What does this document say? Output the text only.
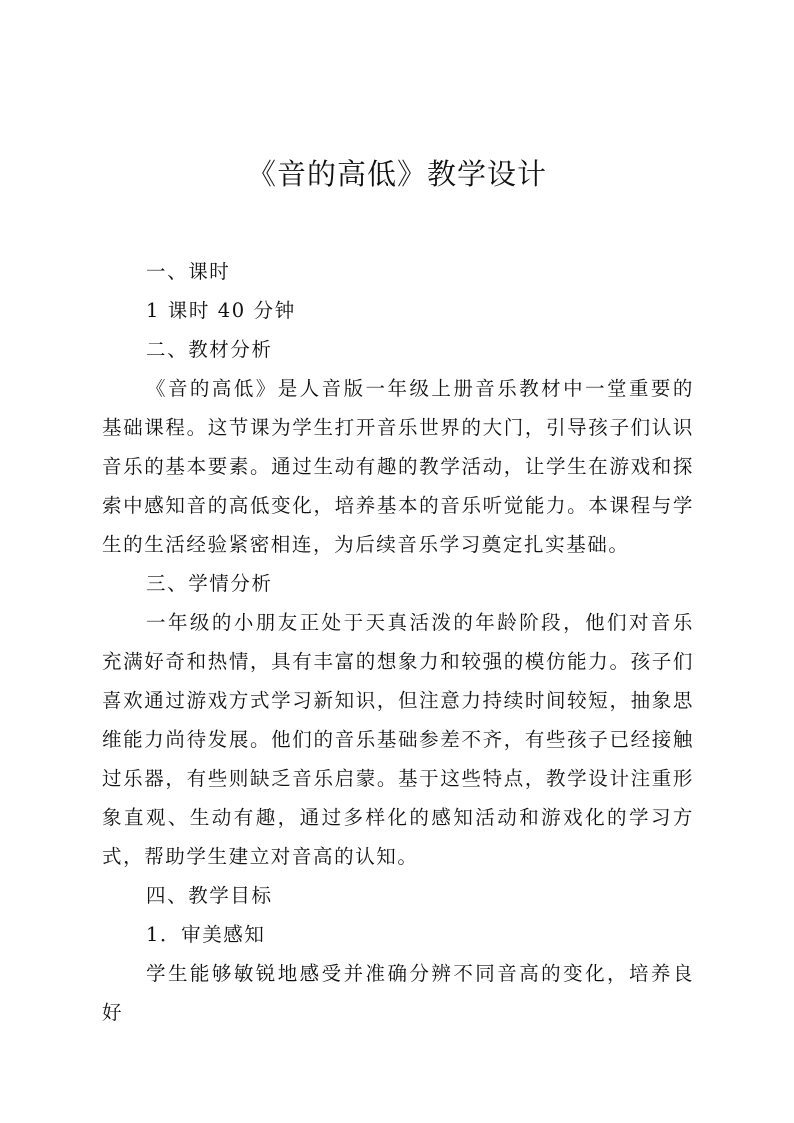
《音的高低》教学设计
一、课时

1 课时 40 分钟

二、教材分析

《音的高低》是人音版一年级上册音乐教材中一堂重要的基础课程。这节课为学生打开音乐世界的大门，引导孩子们认识音乐的基本要素。通过生动有趣的教学活动，让学生在游戏和探索中感知音的高低变化，培养基本的音乐听觉能力。本课程与学生的生活经验紧密相连，为后续音乐学习奠定扎实基础。

三、学情分析

一年级的小朋友正处于天真活泼的年龄阶段，他们对音乐充满好奇和热情，具有丰富的想象力和较强的模仿能力。孩子们喜欢通过游戏方式学习新知识，但注意力持续时间较短，抽象思维能力尚待发展。他们的音乐基础参差不齐，有些孩子已经接触过乐器，有些则缺乏音乐启蒙。基于这些特点，教学设计注重形象直观、生动有趣，通过多样化的感知活动和游戏化的学习方式，帮助学生建立对音高的认知。

四、教学目标

1．审美感知

学生能够敏锐地感受并准确分辨不同音高的变化，培养良好
